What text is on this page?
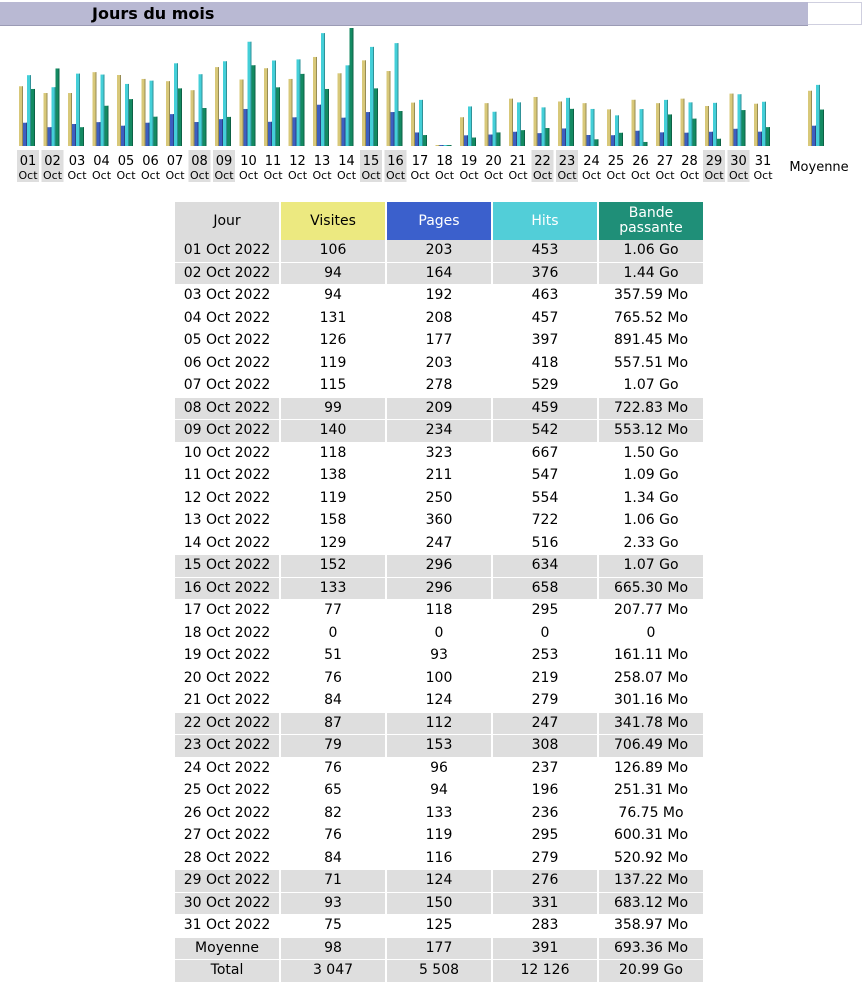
Jours du mois
01
Oct
02
Oct
03
Oct
04
Oct
05
Oct
06
Oct
07
Oct
08
Oct
09
Oct
10
Oct
11
Oct
12
Oct
13
Oct
14
Oct
15
Oct
16
Oct
17
Oct
18
Oct
19
Oct
20
Oct
21
Oct
22
Oct
23
Oct
24
Oct
25
Oct
26
Oct
27
Oct
28
Oct
29
Oct
30
Oct
31
Oct
Moyenne
Jour	Visites	Pages	Hits	Bande
passante
01 Oct 2022	106	203	453	1.06 Go
02 Oct 2022	94	164	376	1.44 Go
03 Oct 2022	94	192	463	357.59 Mo
04 Oct 2022	131	208	457	765.52 Mo
05 Oct 2022	126	177	397	891.45 Mo
06 Oct 2022	119	203	418	557.51 Mo
07 Oct 2022	115	278	529	1.07 Go
08 Oct 2022	99	209	459	722.83 Mo
09 Oct 2022	140	234	542	553.12 Mo
10 Oct 2022	118	323	667	1.50 Go
11 Oct 2022	138	211	547	1.09 Go
12 Oct 2022	119	250	554	1.34 Go
13 Oct 2022	158	360	722	1.06 Go
14 Oct 2022	129	247	516	2.33 Go
15 Oct 2022	152	296	634	1.07 Go
16 Oct 2022	133	296	658	665.30 Mo
17 Oct 2022	77	118	295	207.77 Mo
18 Oct 2022	0	0	0	0
19 Oct 2022	51	93	253	161.11 Mo
20 Oct 2022	76	100	219	258.07 Mo
21 Oct 2022	84	124	279	301.16 Mo
22 Oct 2022	87	112	247	341.78 Mo
23 Oct 2022	79	153	308	706.49 Mo
24 Oct 2022	76	96	237	126.89 Mo
25 Oct 2022	65	94	196	251.31 Mo
26 Oct 2022	82	133	236	76.75 Mo
27 Oct 2022	76	119	295	600.31 Mo
28 Oct 2022	84	116	279	520.92 Mo
29 Oct 2022	71	124	276	137.22 Mo
30 Oct 2022	93	150	331	683.12 Mo
31 Oct 2022	75	125	283	358.97 Mo
Moyenne	98	177	391	693.36 Mo
Total	3 047	5 508	12 126	20.99 Go
